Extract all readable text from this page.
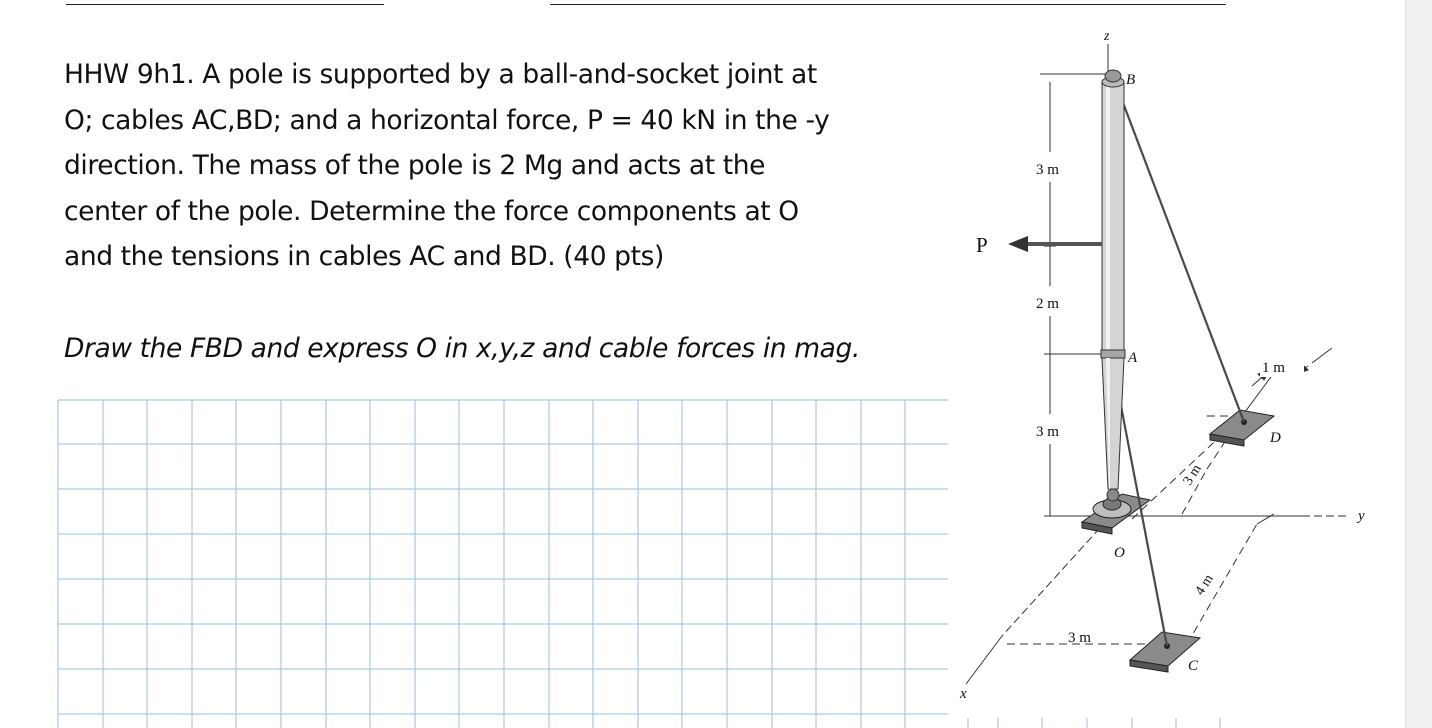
HHW 9h1. A pole is supported by a ball-and-socket joint at

O; cables AC,BD; and a horizontal force, P = 40 kN in the -y

direction. The mass of the pole is 2 Mg and acts at the

center of the pole. Determine the force components at O

and the tensions in cables AC and BD. (40 pts)

Draw the FBD and express O in x,y,z and cable forces in mag.
z
B
A
O
C
D
P
x
y
3 m
2 m
3 m
1 m
3 m
4 m
3 m
